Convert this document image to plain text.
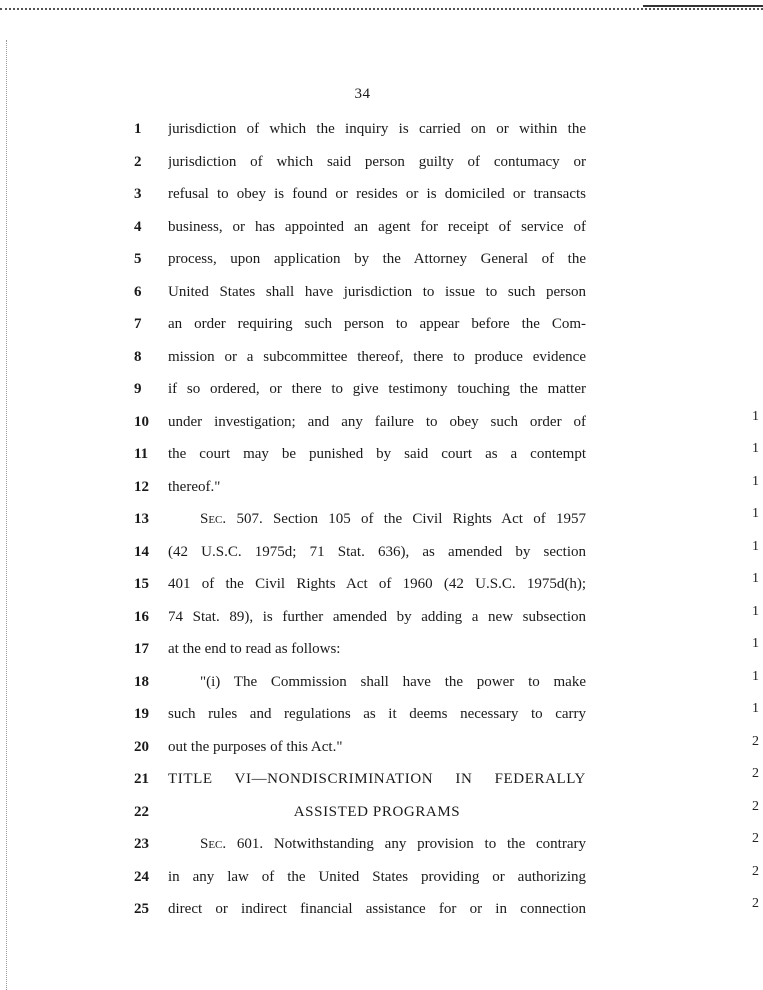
34
1	jurisdiction of which the inquiry is carried on or within the
2	jurisdiction of which said person guilty of contumacy or
3	refusal to obey is found or resides or is domiciled or transacts
4	business, or has appointed an agent for receipt of service of
5	process, upon application by the Attorney General of the
6	United States shall have jurisdiction to issue to such person
7	an order requiring such person to appear before the Com-
8	mission or a subcommittee thereof, there to produce evidence
9	if so ordered, or there to give testimony touching the matter
10	under investigation; and any failure to obey such order of
11	the court may be punished by said court as a contempt
12	thereof."
13	Sec. 507. Section 105 of the Civil Rights Act of 1957
14	(42 U.S.C. 1975d; 71 Stat. 636), as amended by section
15	401 of the Civil Rights Act of 1960 (42 U.S.C. 1975d(h);
16	74 Stat. 89), is further amended by adding a new subsection
17	at the end to read as follows:
18	"(i) The Commission shall have the power to make
19	such rules and regulations as it deems necessary to carry
20	out the purposes of this Act."
21	TITLE VI—NONDISCRIMINATION IN FEDERALLY
22	ASSISTED PROGRAMS
23	Sec. 601. Notwithstanding any provision to the contrary
24	in any law of the United States providing or authorizing
25	direct or indirect financial assistance for or in connection
1
1
1
1
1
1
1
1
1
1
2
2
2
2
2
2
